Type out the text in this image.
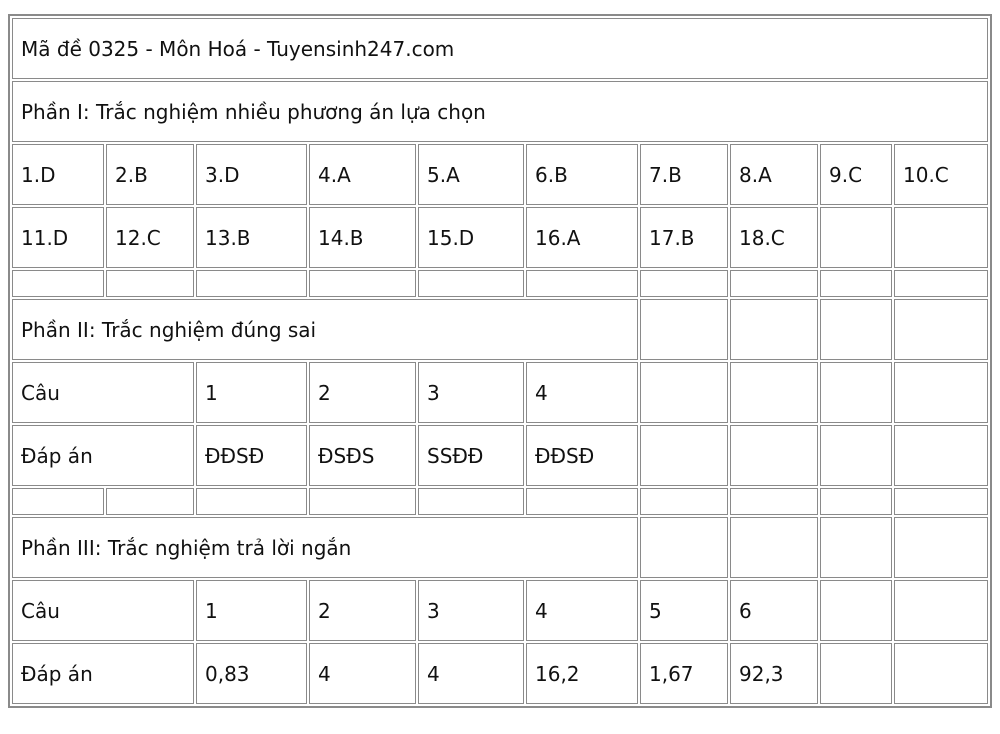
Mã đề 0325 - Môn Hoá - Tuyensinh247.com									
Phần I: Trắc nghiệm nhiều phương án lựa chọn									
1.D	2.B	3.D	4.A	5.A	6.B	7.B	8.A	9.C	10.C
11.D	12.C	13.B	14.B	15.D	16.A	17.B	18.C		

Phần II: Trắc nghiệm đúng sai									
Câu		1	2	3	4				
Đáp án		ĐĐSĐ	ĐSĐS	SSĐĐ	ĐĐSĐ				

Phần III: Trắc nghiệm trả lời ngắn									
Câu		1	2	3	4	5	6		
Đáp án		0,83	4	4	16,2	1,67	92,3		
